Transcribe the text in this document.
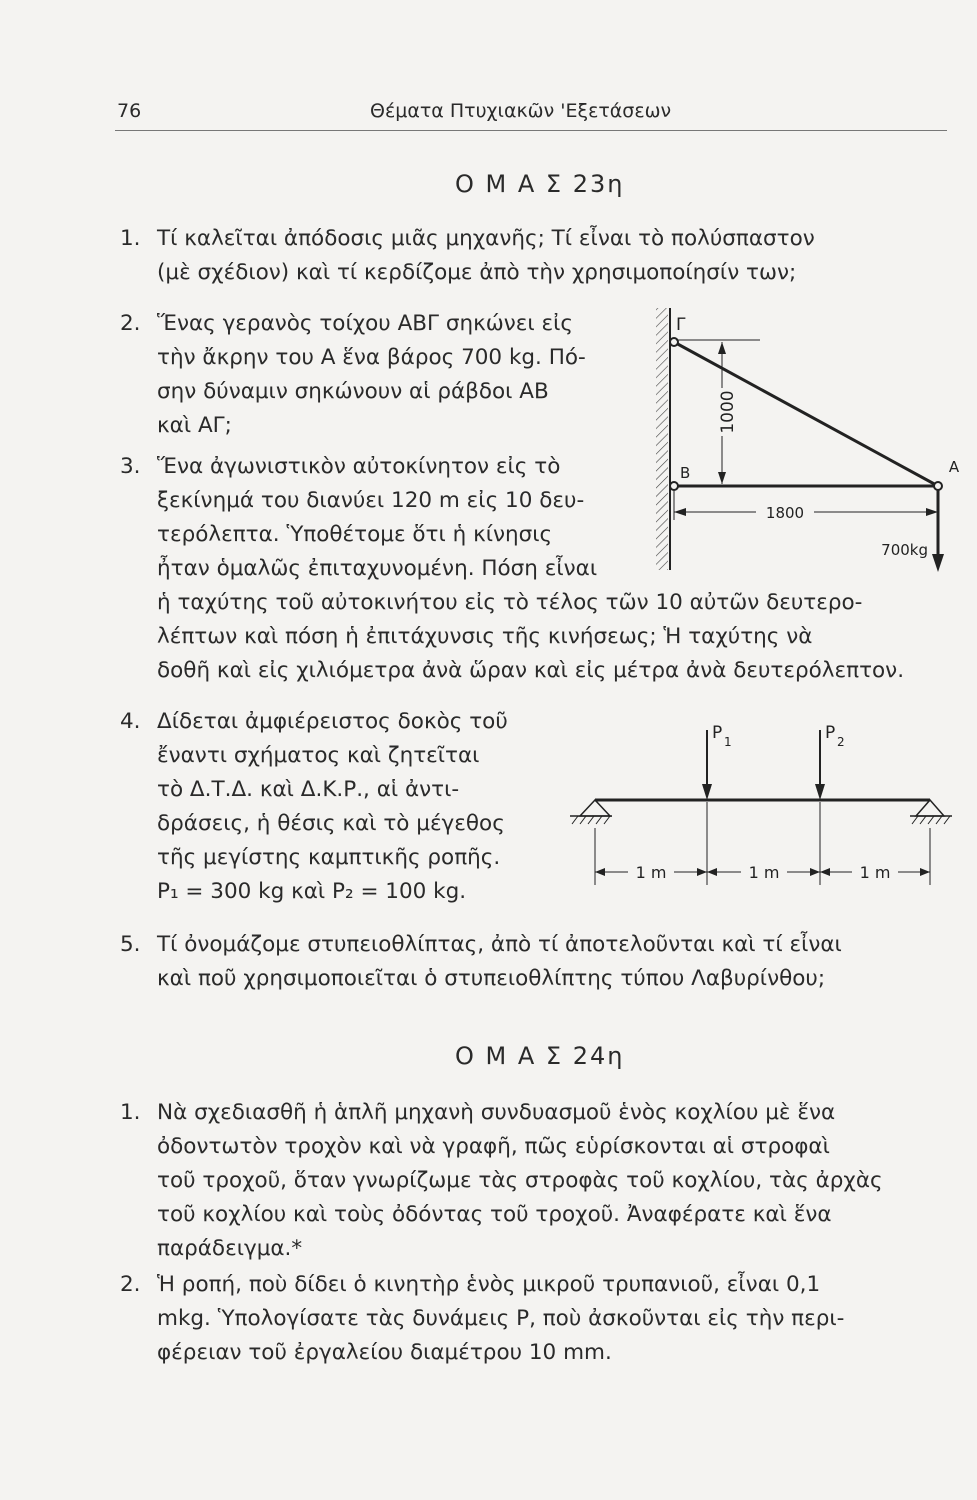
76	Θέματα Πτυχιακῶν 'Εξετάσεων
Ο Μ Α Σ 23η
1. Τί καλεῖται ἀπόδοσις μιᾶς μηχανῆς; Τί εἶναι τὸ πολύσπαστον
(μὲ σχέδιον) καὶ τί κερδίζομε ἀπὸ τὴν χρησιμοποίησίν των;
2. Ἕνας γερανὸς τοίχου ΑΒΓ σηκώνει εἰς
τὴν ἄκρην του Α ἕνα βάρος 700 kg. Πό-
σην δύναμιν σηκώνουν αἱ ράβδοι ΑΒ
καὶ ΑΓ;
3. Ἕνα ἀγωνιστικὸν αὐτοκίνητον εἰς τὸ
ξεκίνημά του διανύει 120 m εἰς 10 δευ-
τερόλεπτα. Ὑποθέτομε ὅτι ἡ κίνησις
ἦταν ὁμαλῶς ἐπιταχυνομένη. Πόση εἶναι
ἡ ταχύτης τοῦ αὐτοκινήτου εἰς τὸ τέλος τῶν 10 αὐτῶν δευτερο-
λέπτων καὶ πόση ἡ ἐπιτάχυνσις τῆς κινήσεως; Ἡ ταχύτης νὰ
δοθῆ καὶ εἰς χιλιόμετρα ἀνὰ ὥραν καὶ εἰς μέτρα ἀνὰ δευτερόλεπτον.
4. Δίδεται ἀμφιέρειστος δοκὸς τοῦ
ἔναντι σχήματος καὶ ζητεῖται
τὸ Δ.Τ.Δ. καὶ Δ.Κ.Ρ., αἱ ἀντι-
δράσεις, ἡ θέσις καὶ τὸ μέγεθος
τῆς μεγίστης καμπτικῆς ροπῆς.
P₁ = 300 kg καὶ P₂ = 100 kg.
5. Τί ὀνομάζομε στυπειοθλίπτας, ἀπὸ τί ἀποτελοῦνται καὶ τί εἶναι
καὶ ποῦ χρησιμοποιεῖται ὁ στυπειοθλίπτης τύπου Λαβυρίνθου;
Ο Μ Α Σ 24η
1. Νὰ σχεδιασθῆ ἡ ἁπλῆ μηχανὴ συνδυασμοῦ ἑνὸς κοχλίου μὲ ἕνα
ὀδοντωτὸν τροχὸν καὶ νὰ γραφῆ, πῶς εὑρίσκονται αἱ στροφαὶ
τοῦ τροχοῦ, ὅταν γνωρίζωμε τὰς στροφὰς τοῦ κοχλίου, τὰς ἀρχὰς
τοῦ κοχλίου καὶ τοὺς ὀδόντας τοῦ τροχοῦ. Ἀναφέρατε καὶ ἕνα
παράδειγμα.*
2. Ἡ ροπή, ποὺ δίδει ὁ κινητὴρ ἑνὸς μικροῦ τρυπανιοῦ, εἶναι 0,1
mkg. Ὑπολογίσατε τὰς δυνάμεις P, ποὺ ἀσκοῦνται εἰς τὴν περι-
φέρειαν τοῦ ἐργαλείου διαμέτρου 10 mm.
1000
1800
700kg
Γ
B	A
P 1	P 2
1 m	1 m	1 m
